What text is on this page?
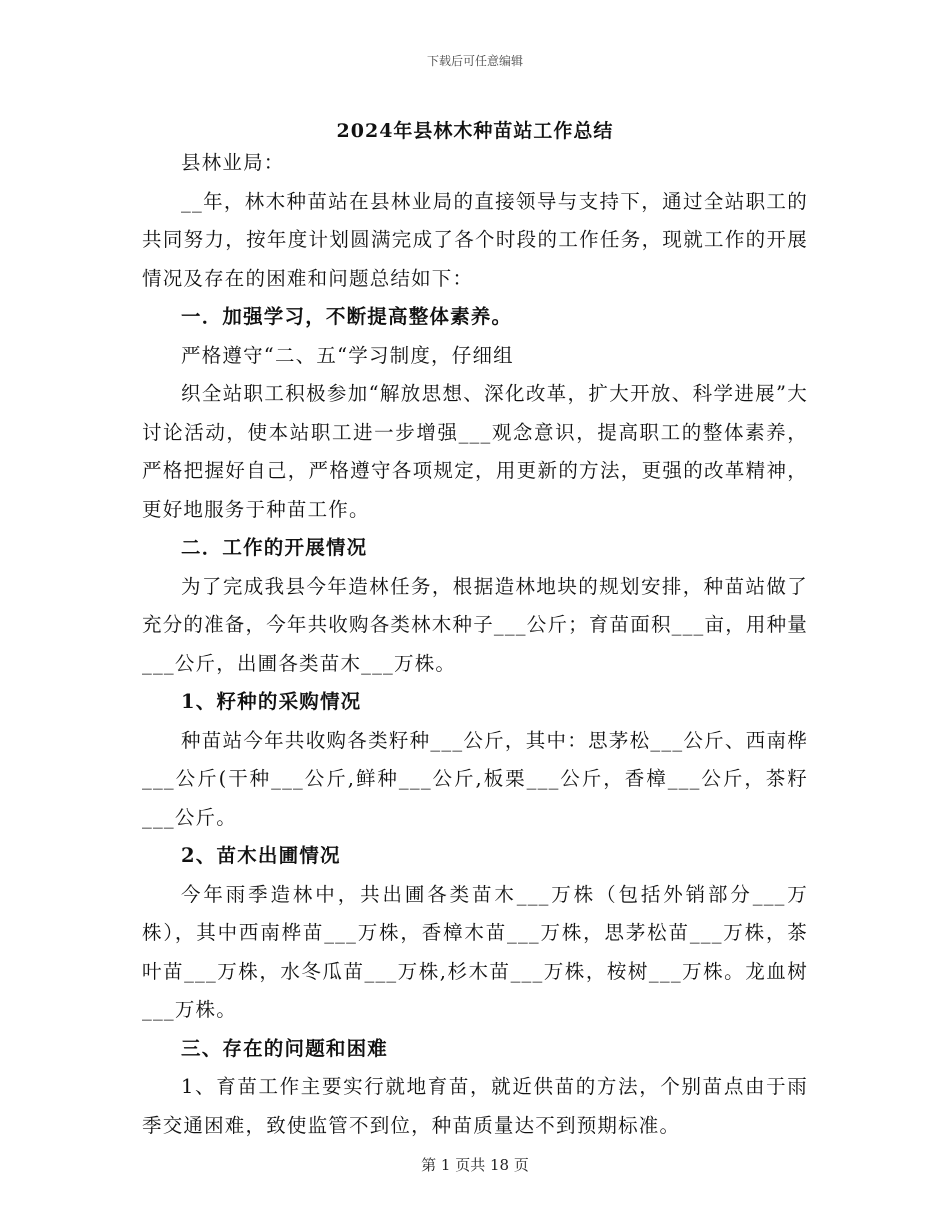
下载后可任意编辑
2024年县林木种苗站工作总结

县林业局：

__年，林木种苗站在县林业局的直接领导与支持下，通过全站职工的共同努力，按年度计划圆满完成了各个时段的工作任务，现就工作的开展情况及存在的困难和问题总结如下：

一．加强学习，不断提高整体素养。

严格遵守“二、五“学习制度，仔细组

织全站职工积极参加“解放思想、深化改革，扩大开放、科学进展”大讨论活动，使本站职工进一步增强___观念意识，提高职工的整体素养，严格把握好自己，严格遵守各项规定，用更新的方法，更强的改革精神，更好地服务于种苗工作。

二．工作的开展情况

为了完成我县今年造林任务，根据造林地块的规划安排，种苗站做了充分的准备，今年共收购各类林木种子___公斤；育苗面积___亩，用种量___公斤，出圃各类苗木___万株。

1、籽种的采购情况

种苗站今年共收购各类籽种___公斤，其中：思茅松___公斤、西南桦___公斤(干种___公斤,鲜种___公斤,板栗___公斤，香樟___公斤，茶籽___公斤。

2、苗木出圃情况

今年雨季造林中，共出圃各类苗木___万株（包括外销部分___万株），其中西南桦苗___万株，香樟木苗___万株，思茅松苗___万株，茶叶苗___万株，水冬瓜苗___万株,杉木苗___万株，桉树___万株。龙血树___万株。

三、存在的问题和困难

1、育苗工作主要实行就地育苗，就近供苗的方法，个别苗点由于雨季交通困难，致使监管不到位，种苗质量达不到预期标准。

第 1 页共 18 页
